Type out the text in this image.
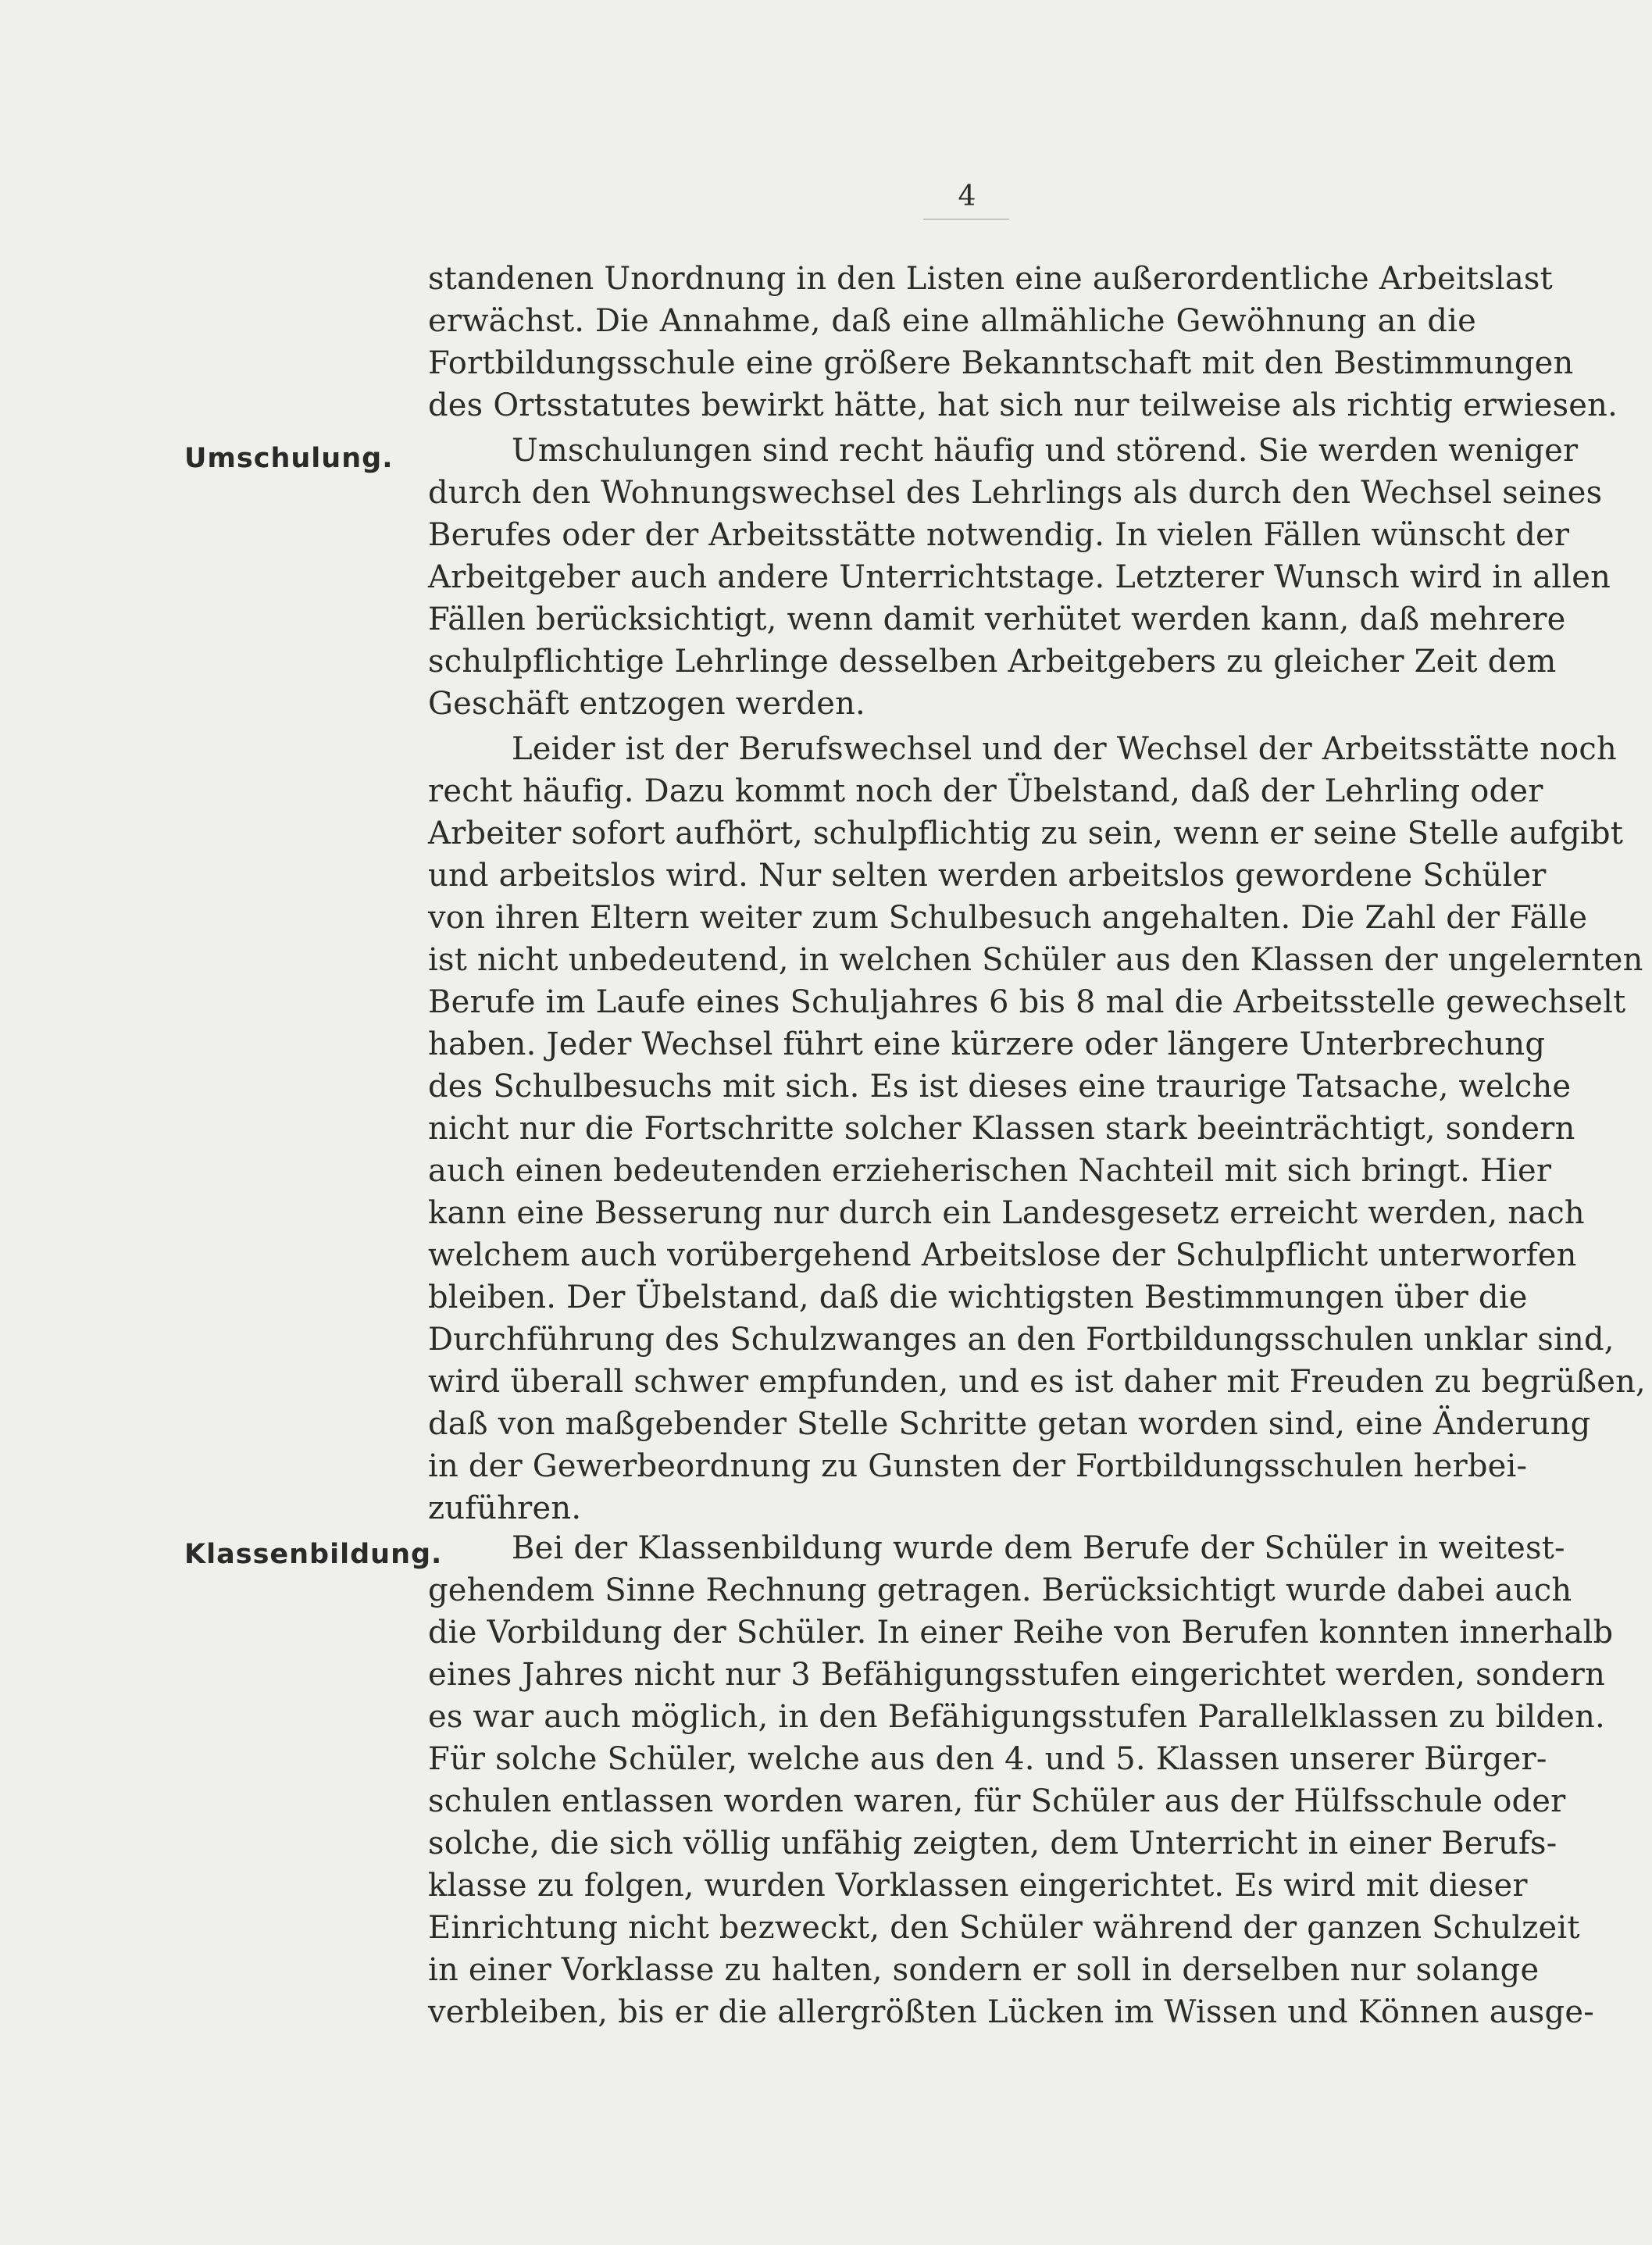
4
Umschulung.
Klassenbildung.
standenen Unordnung in den Listen eine außerordentliche Arbeitslast
erwächst. Die Annahme, daß eine allmähliche Gewöhnung an die
Fortbildungsschule eine größere Bekanntschaft mit den Bestimmungen
des Ortsstatutes bewirkt hätte, hat sich nur teilweise als richtig erwiesen.
Umschulungen sind recht häufig und störend. Sie werden weniger
durch den Wohnungswechsel des Lehrlings als durch den Wechsel seines
Berufes oder der Arbeitsstätte notwendig. In vielen Fällen wünscht der
Arbeitgeber auch andere Unterrichtstage. Letzterer Wunsch wird in allen
Fällen berücksichtigt, wenn damit verhütet werden kann, daß mehrere
schulpflichtige Lehrlinge desselben Arbeitgebers zu gleicher Zeit dem
Geschäft entzogen werden.
Leider ist der Berufswechsel und der Wechsel der Arbeitsstätte noch
recht häufig. Dazu kommt noch der Übelstand, daß der Lehrling oder
Arbeiter sofort aufhört, schulpflichtig zu sein, wenn er seine Stelle aufgibt
und arbeitslos wird. Nur selten werden arbeitslos gewordene Schüler
von ihren Eltern weiter zum Schulbesuch angehalten. Die Zahl der Fälle
ist nicht unbedeutend, in welchen Schüler aus den Klassen der ungelernten
Berufe im Laufe eines Schuljahres 6 bis 8 mal die Arbeitsstelle gewechselt
haben. Jeder Wechsel führt eine kürzere oder längere Unterbrechung
des Schulbesuchs mit sich. Es ist dieses eine traurige Tatsache, welche
nicht nur die Fortschritte solcher Klassen stark beeinträchtigt, sondern
auch einen bedeutenden erzieherischen Nachteil mit sich bringt. Hier
kann eine Besserung nur durch ein Landesgesetz erreicht werden, nach
welchem auch vorübergehend Arbeitslose der Schulpflicht unterworfen
bleiben. Der Übelstand, daß die wichtigsten Bestimmungen über die
Durchführung des Schulzwanges an den Fortbildungsschulen unklar sind,
wird überall schwer empfunden, und es ist daher mit Freuden zu begrüßen,
daß von maßgebender Stelle Schritte getan worden sind, eine Änderung
in der Gewerbeordnung zu Gunsten der Fortbildungsschulen herbei-
zuführen.
Bei der Klassenbildung wurde dem Berufe der Schüler in weitest-
gehendem Sinne Rechnung getragen. Berücksichtigt wurde dabei auch
die Vorbildung der Schüler. In einer Reihe von Berufen konnten innerhalb
eines Jahres nicht nur 3 Befähigungsstufen eingerichtet werden, sondern
es war auch möglich, in den Befähigungsstufen Parallelklassen zu bilden.
Für solche Schüler, welche aus den 4. und 5. Klassen unserer Bürger-
schulen entlassen worden waren, für Schüler aus der Hülfsschule oder
solche, die sich völlig unfähig zeigten, dem Unterricht in einer Berufs-
klasse zu folgen, wurden Vorklassen eingerichtet. Es wird mit dieser
Einrichtung nicht bezweckt, den Schüler während der ganzen Schulzeit
in einer Vorklasse zu halten, sondern er soll in derselben nur solange
verbleiben, bis er die allergrößten Lücken im Wissen und Können ausge-
